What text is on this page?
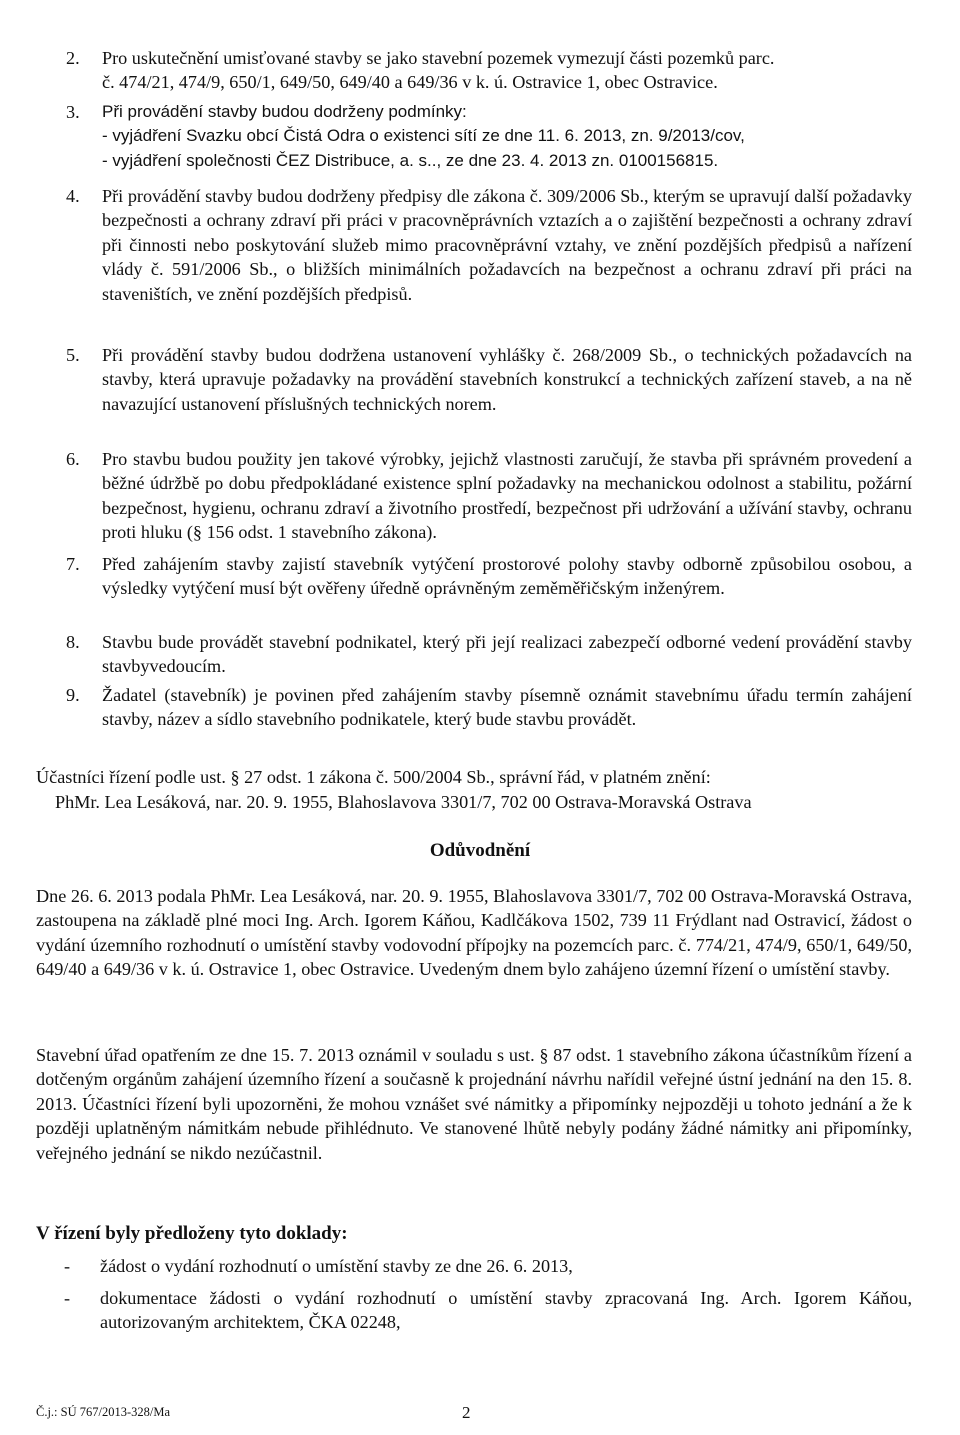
2. Pro uskutečnění umisťované stavby se jako stavební pozemek vymezují části pozemků parc.
č. 474/21, 474/9, 650/1, 649/50, 649/40 a 649/36 v k. ú. Ostravice 1, obec Ostravice.
3. Při provádění stavby budou dodrženy podmínky:
- vyjádření Svazku obcí Čistá Odra o existenci sítí ze dne 11. 6. 2013, zn. 9/2013/cov,
- vyjádření společnosti ČEZ Distribuce, a. s.., ze dne 23. 4. 2013 zn. 0100156815.
4. Při provádění stavby budou dodrženy předpisy dle zákona č. 309/2006 Sb., kterým se upravují další požadavky bezpečnosti a ochrany zdraví při práci v pracovněprávních vztazích a o zajištění bezpečnosti a ochrany zdraví při činnosti nebo poskytování služeb mimo pracovněprávní vztahy, ve znění pozdějších předpisů a nařízení vlády č. 591/2006 Sb., o bližších minimálních požadavcích na bezpečnost a ochranu zdraví při práci na staveništích, ve znění pozdějších předpisů.
5. Při provádění stavby budou dodržena ustanovení vyhlášky č. 268/2009 Sb., o technických požadavcích na stavby, která upravuje požadavky na provádění stavebních konstrukcí a technických zařízení staveb, a na ně navazující ustanovení příslušných technických norem.
6. Pro stavbu budou použity jen takové výrobky, jejichž vlastnosti zaručují, že stavba při správném provedení a běžné údržbě po dobu předpokládané existence splní požadavky na mechanickou odolnost a stabilitu, požární bezpečnost, hygienu, ochranu zdraví a životního prostředí, bezpečnost při udržování a užívání stavby, ochranu proti hluku (§ 156 odst. 1 stavebního zákona).
7. Před zahájením stavby zajistí stavebník vytýčení prostorové polohy stavby odborně způsobilou osobou, a výsledky vytýčení musí být ověřeny úředně oprávněným zeměměřičským inženýrem.
8. Stavbu bude provádět stavební podnikatel, který při její realizaci zabezpečí odborné vedení provádění stavby stavbyvedoucím.
9. Žadatel (stavebník) je povinen před zahájením stavby písemně oznámit stavebnímu úřadu termín zahájení stavby, název a sídlo stavebního podnikatele, který bude stavbu provádět.
Účastníci řízení podle ust. § 27 odst. 1 zákona č. 500/2004 Sb., správní řád, v platném znění:
PhMr. Lea Lesáková, nar. 20. 9. 1955, Blahoslavova 3301/7, 702 00 Ostrava-Moravská Ostrava
Odůvodnění
Dne 26. 6. 2013 podala PhMr. Lea Lesáková, nar. 20. 9. 1955, Blahoslavova 3301/7, 702 00 Ostrava-Moravská Ostrava, zastoupena na základě plné moci Ing. Arch. Igorem Káňou, Kadlčákova 1502, 739 11 Frýdlant nad Ostravicí, žádost o vydání územního rozhodnutí o umístění stavby vodovodní přípojky na pozemcích parc. č. 774/21, 474/9, 650/1, 649/50, 649/40 a 649/36 v k. ú. Ostravice 1, obec Ostravice. Uvedeným dnem bylo zahájeno územní řízení o umístění stavby.
Stavební úřad opatřením ze dne 15. 7. 2013 oznámil v souladu s ust. § 87 odst. 1 stavebního zákona účastníkům řízení a dotčeným orgánům zahájení územního řízení a současně k projednání návrhu nařídil veřejné ústní jednání na den 15. 8. 2013. Účastníci řízení byli upozorněni, že mohou vznášet své námitky a připomínky nejpozději u tohoto jednání a že k později uplatněným námitkám nebude přihlédnuto. Ve stanovené lhůtě nebyly podány žádné námitky ani připomínky, veřejného jednání se nikdo nezúčastnil.
V řízení byly předloženy tyto doklady:
- žádost o vydání rozhodnutí o umístění stavby ze dne 26. 6. 2013,
- dokumentace žádosti o vydání rozhodnutí o umístění stavby zpracovaná Ing. Arch. Igorem Káňou, autorizovaným architektem, ČKA 02248,
Č.j.: SÚ 767/2013-328/Ma	2
